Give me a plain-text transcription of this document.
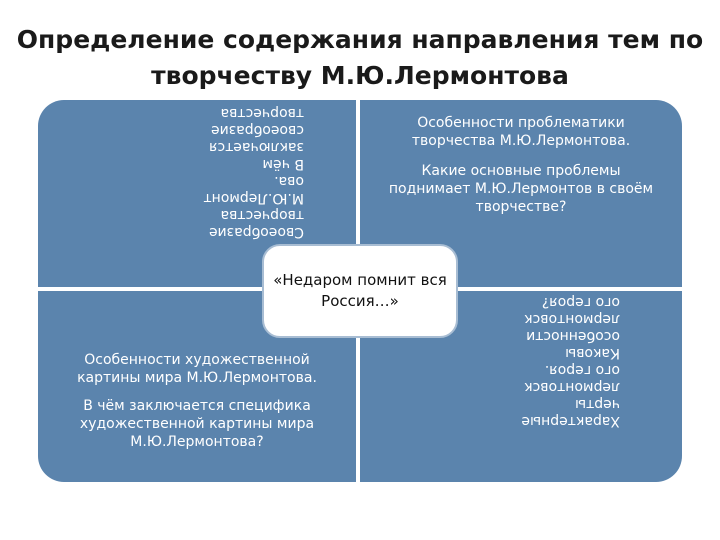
Определение содержания направления тем по
творчеству М.Ю.Лермонтова
Своеобразие
творчества
М.Ю.Лермонт
ова.
В чём
заключается
своеобразие
творчества
Особенности проблематики творчества М.Ю.Лермонтова.
Какие основные проблемы поднимает М.Ю.Лермонтов в своём творчестве?
Особенности художественной картины мира М.Ю.Лермонтова.
В чём заключается специфика художественной картины мира М.Ю.Лермонтова?
Характерные
черты
лермонтовск
ого героя.
Каковы
особенности
лермонтовск
ого героя?
«Недаром помнит вся Россия…»
